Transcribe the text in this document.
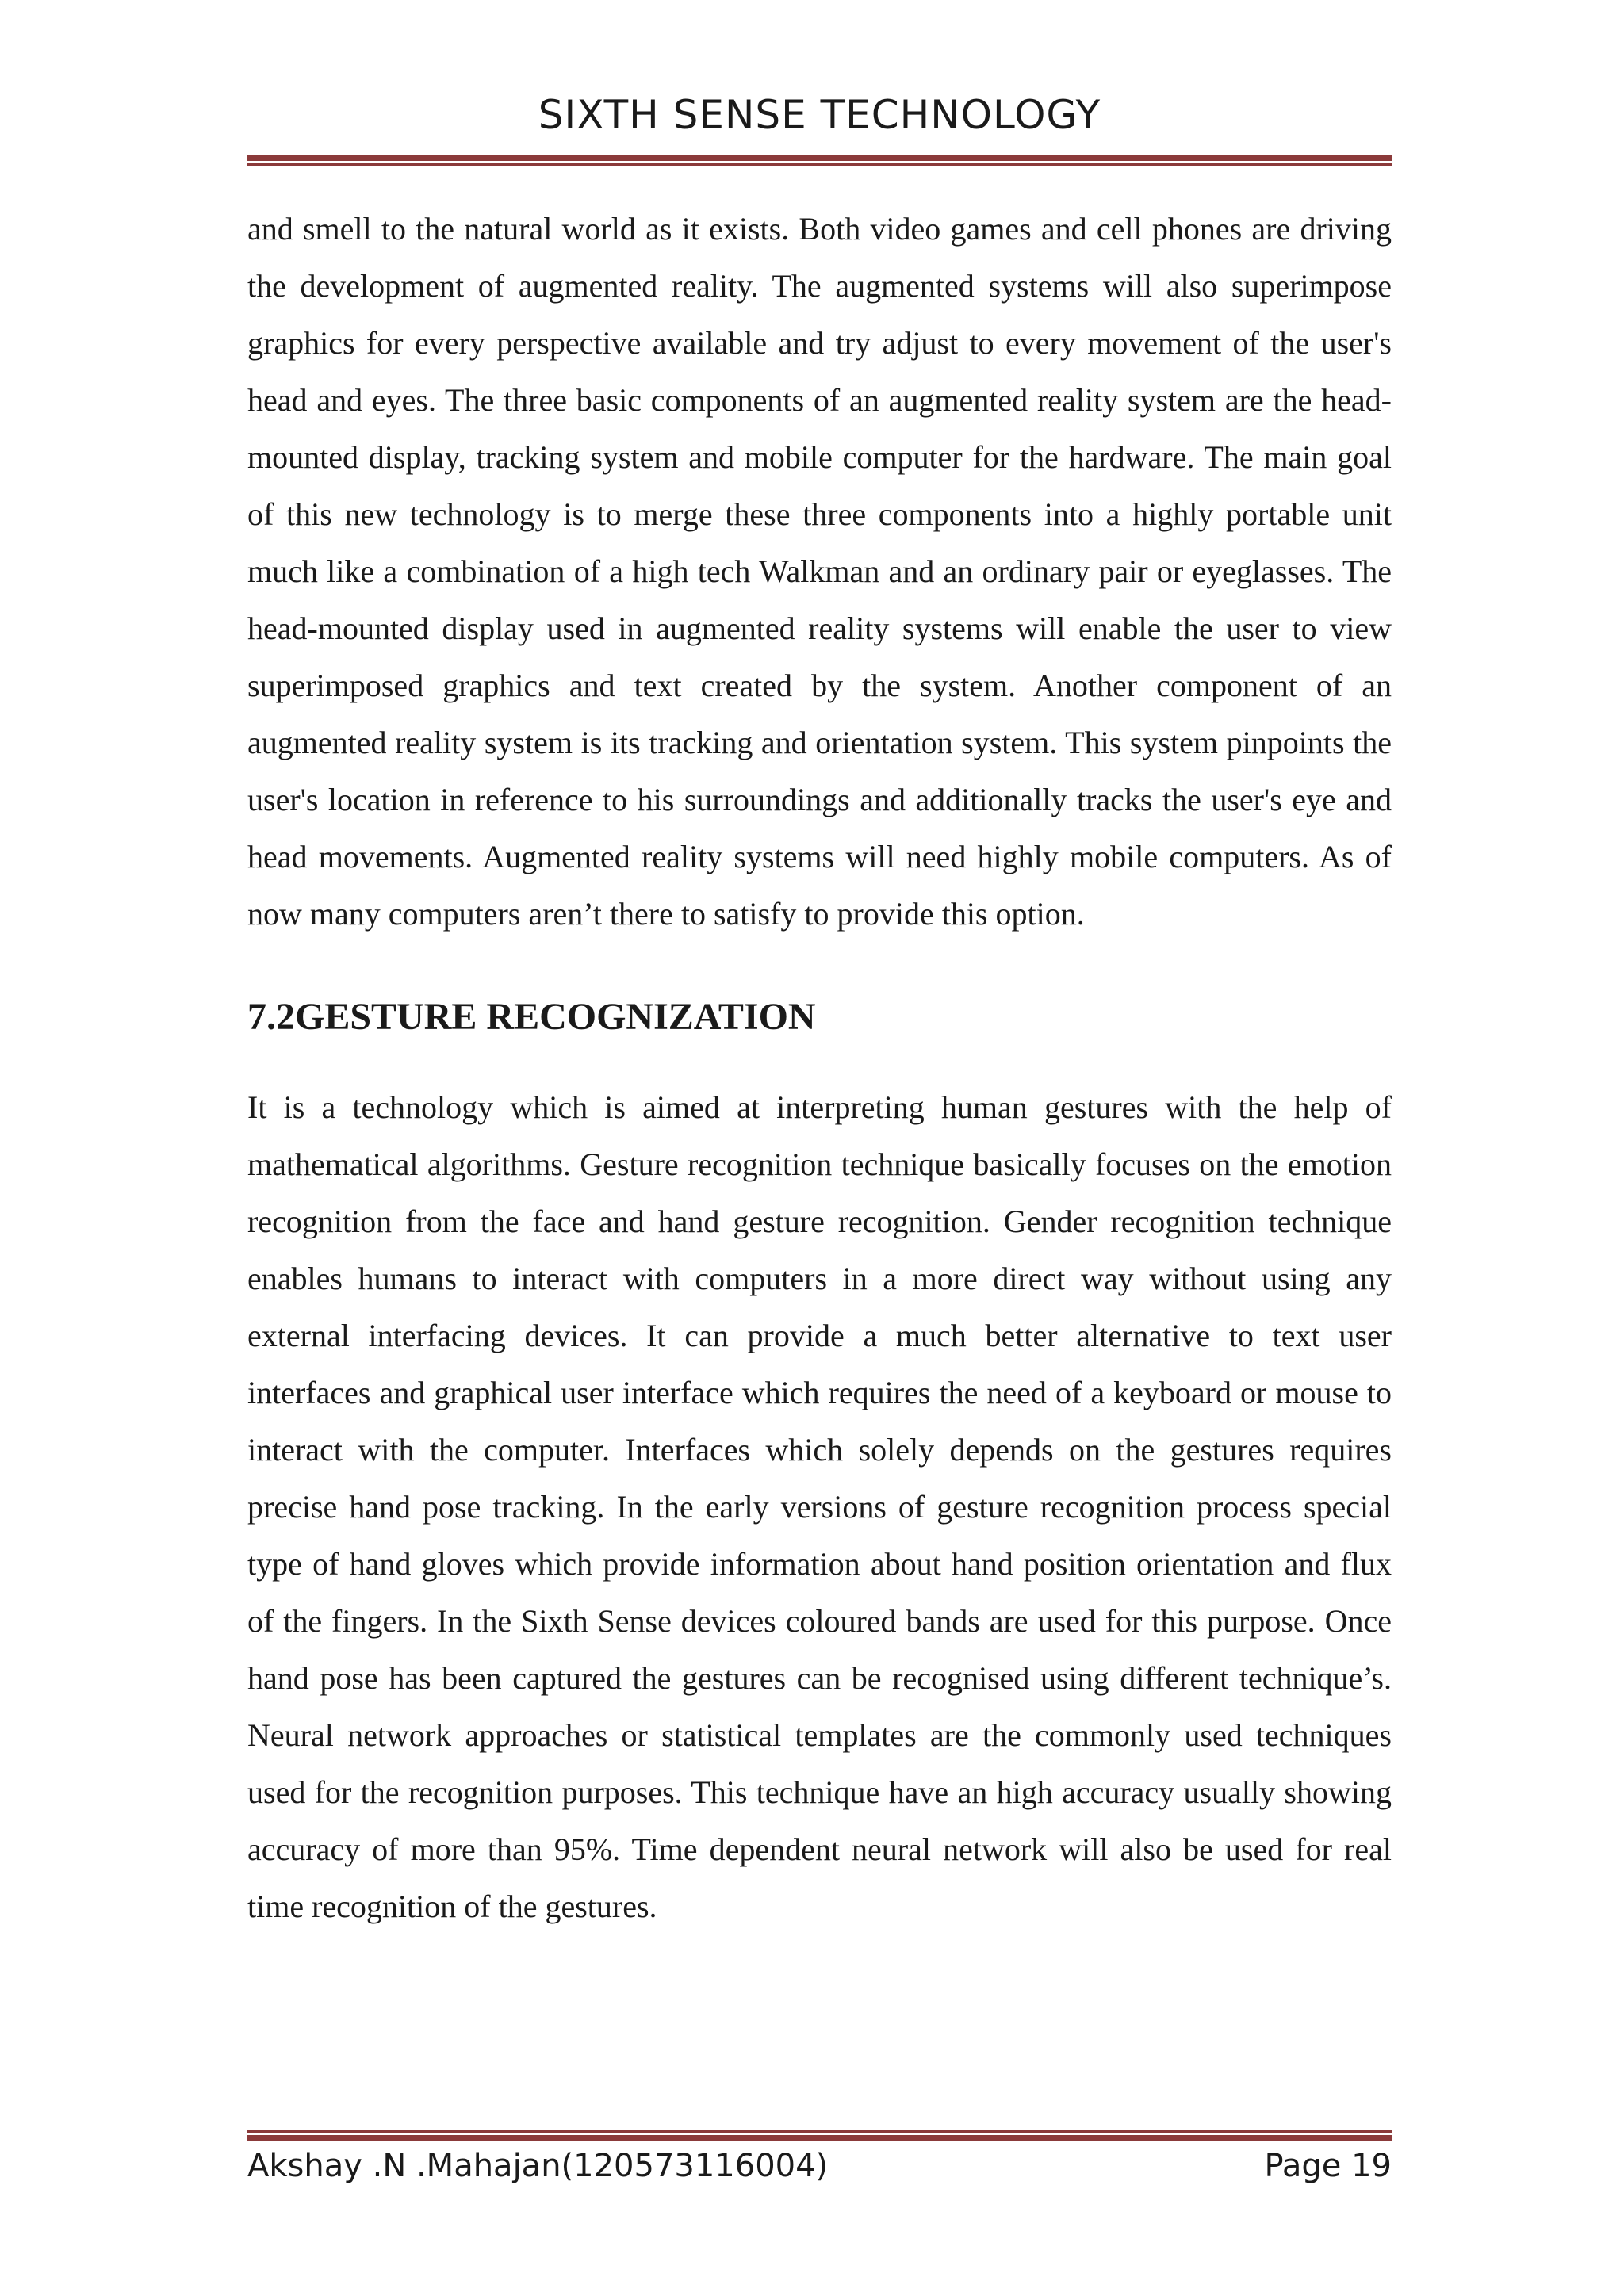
SIXTH SENSE TECHNOLOGY

and smell to the natural world as it exists. Both video games and cell phones are driving the development of augmented reality. The augmented systems will also superimpose graphics for every perspective available and try adjust to every movement of the user's head and eyes. The three basic components of an augmented reality system are the head-mounted display, tracking system and mobile computer for the hardware. The main goal of this new technology is to merge these three components into a highly portable unit much like a combination of a high tech Walkman and an ordinary pair or eyeglasses. The head-mounted display used in augmented reality systems will enable the user to view superimposed graphics and text created by the system. Another component of an augmented reality system is its tracking and orientation system. This system pinpoints the user's location in reference to his surroundings and additionally tracks the user's eye and head movements. Augmented reality systems will need highly mobile computers. As of now many computers aren’t there to satisfy to provide this option.

7.2GESTURE RECOGNIZATION

It is a technology which is aimed at interpreting human gestures with the help of mathematical algorithms. Gesture recognition technique basically focuses on the emotion recognition from the face and hand gesture recognition. Gender recognition technique enables humans to interact with computers in a more direct way without using any external interfacing devices. It can provide a much better alternative to text user interfaces and graphical user interface which requires the need of a keyboard or mouse to interact with the computer. Interfaces which solely depends on the gestures requires precise hand pose tracking. In the early versions of gesture recognition process special type of hand gloves which provide information about hand position orientation and flux of the fingers. In the Sixth Sense devices coloured bands are used for this purpose. Once hand pose has been captured the gestures can be recognised using different technique’s. Neural network approaches or statistical templates are the commonly used techniques used for the recognition purposes. This technique have an high accuracy usually showing accuracy of more than 95%. Time dependent neural network will also be used for real time recognition of the gestures.

Akshay .N .Mahajan(120573116004)	Page 19
